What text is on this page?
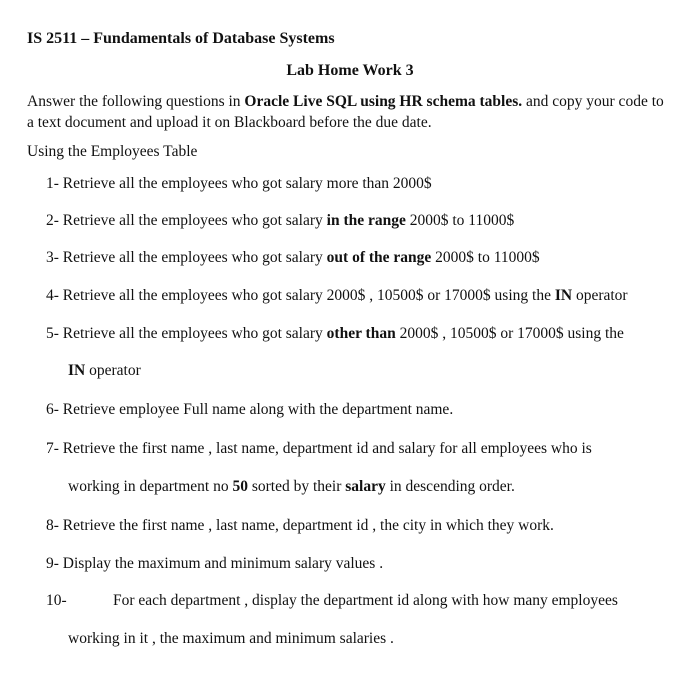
IS 2511 – Fundamentals of Database Systems
Lab Home Work 3
Answer the following questions in Oracle Live SQL using HR schema tables. and copy your code to a text document and upload it on Blackboard before the due date.
Using the Employees Table
1- Retrieve all the employees who got salary more than 2000$
2- Retrieve all the employees who got salary in the range 2000$ to 11000$
3- Retrieve all the employees who got salary out of the range 2000$ to 11000$
4- Retrieve all the employees who got salary 2000$ , 10500$ or 17000$ using the IN operator
5- Retrieve all the employees who got salary other than 2000$ , 10500$ or 17000$ using the
IN operator
6- Retrieve employee Full name along with the department name.
7- Retrieve the first name , last name, department id and salary for all employees who is
working in department no 50 sorted by their salary in descending order.
8- Retrieve the first name , last name, department id , the city in which they work.
9- Display the maximum and minimum salary values .
10-	For each department , display the department id along with how many employees
working in it , the maximum and minimum salaries .
